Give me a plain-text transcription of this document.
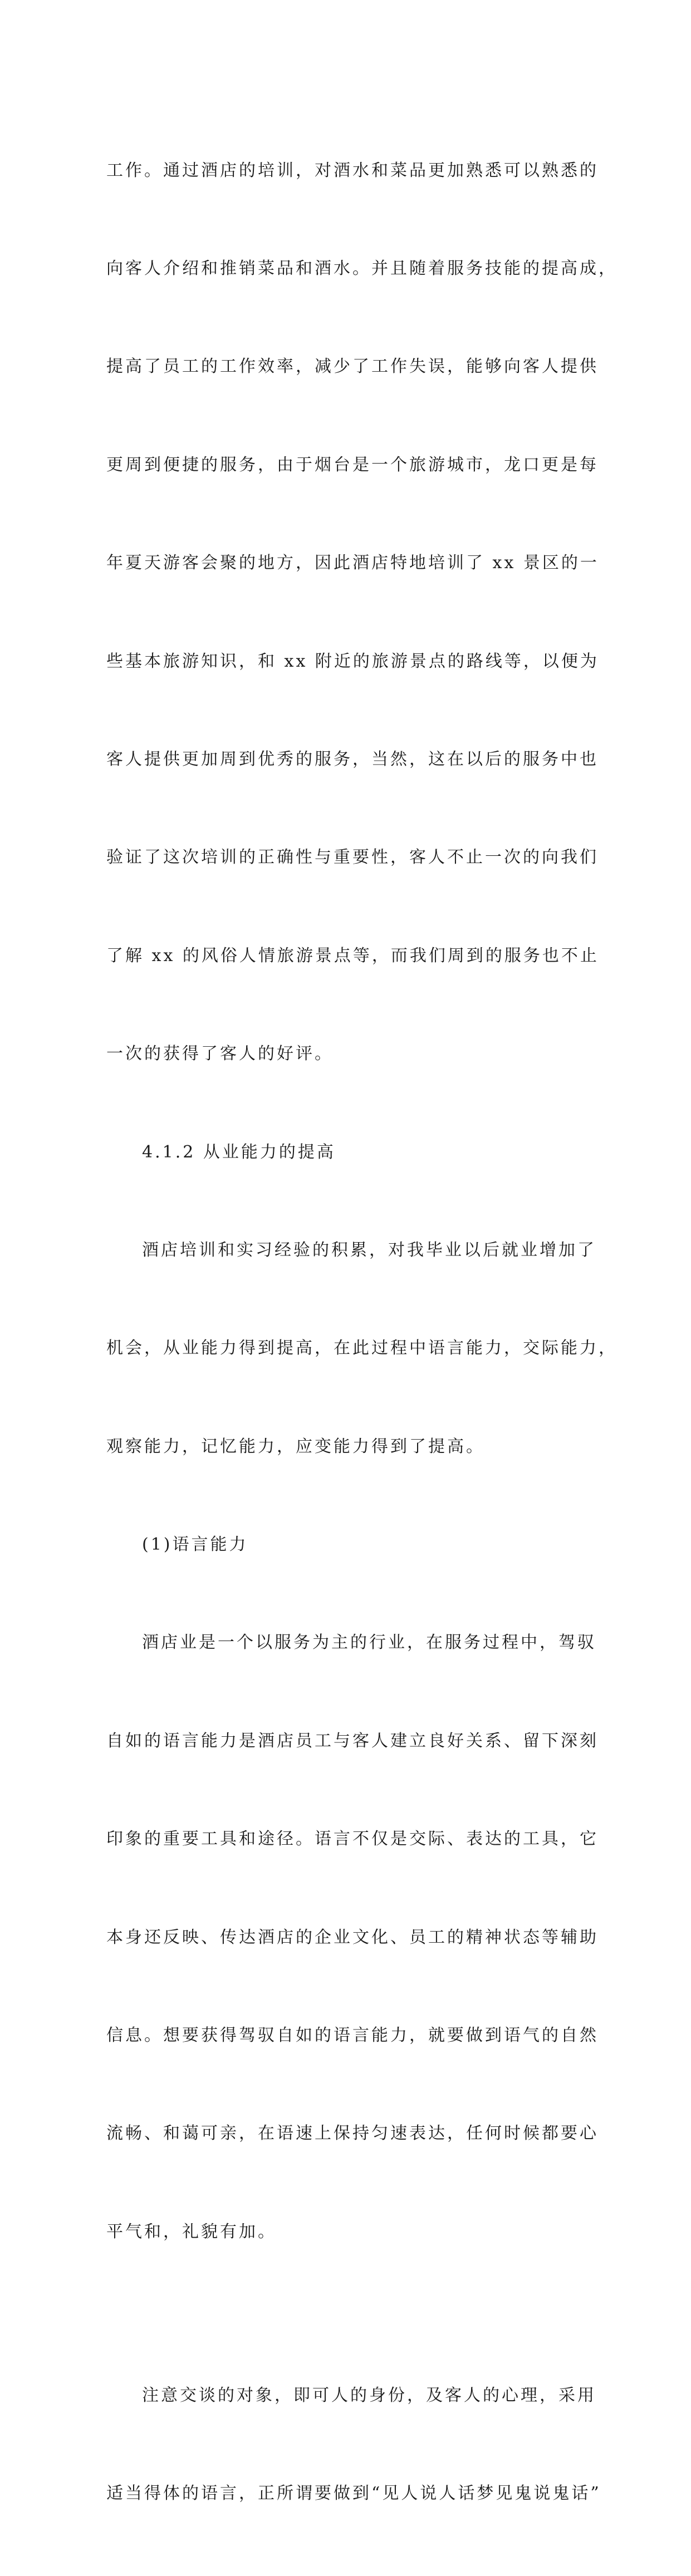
工作。通过酒店的培训，对酒水和菜品更加熟悉可以熟悉的

向客人介绍和推销菜品和酒水。并且随着服务技能的提高成，

提高了员工的工作效率，减少了工作失误，能够向客人提供

更周到便捷的服务，由于烟台是一个旅游城市，龙口更是每

年夏天游客会聚的地方，因此酒店特地培训了 xx 景区的一

些基本旅游知识，和 xx 附近的旅游景点的路线等，以便为

客人提供更加周到优秀的服务，当然，这在以后的服务中也

验证了这次培训的正确性与重要性，客人不止一次的向我们

了解 xx 的风俗人情旅游景点等，而我们周到的服务也不止

一次的获得了客人的好评。

4.1.2 从业能力的提高

酒店培训和实习经验的积累，对我毕业以后就业增加了

机会，从业能力得到提高，在此过程中语言能力，交际能力，

观察能力，记忆能力，应变能力得到了提高。

(1)语言能力

酒店业是一个以服务为主的行业，在服务过程中，驾驭

自如的语言能力是酒店员工与客人建立良好关系、留下深刻

印象的重要工具和途径。语言不仅是交际、表达的工具，它

本身还反映、传达酒店的企业文化、员工的精神状态等辅助

信息。想要获得驾驭自如的语言能力，就要做到语气的自然

流畅、和蔼可亲，在语速上保持匀速表达，任何时候都要心

平气和，礼貌有加。

注意交谈的对象，即可人的身份，及客人的心理，采用

适当得体的语言，正所谓要做到“见人说人话梦见鬼说鬼话”
